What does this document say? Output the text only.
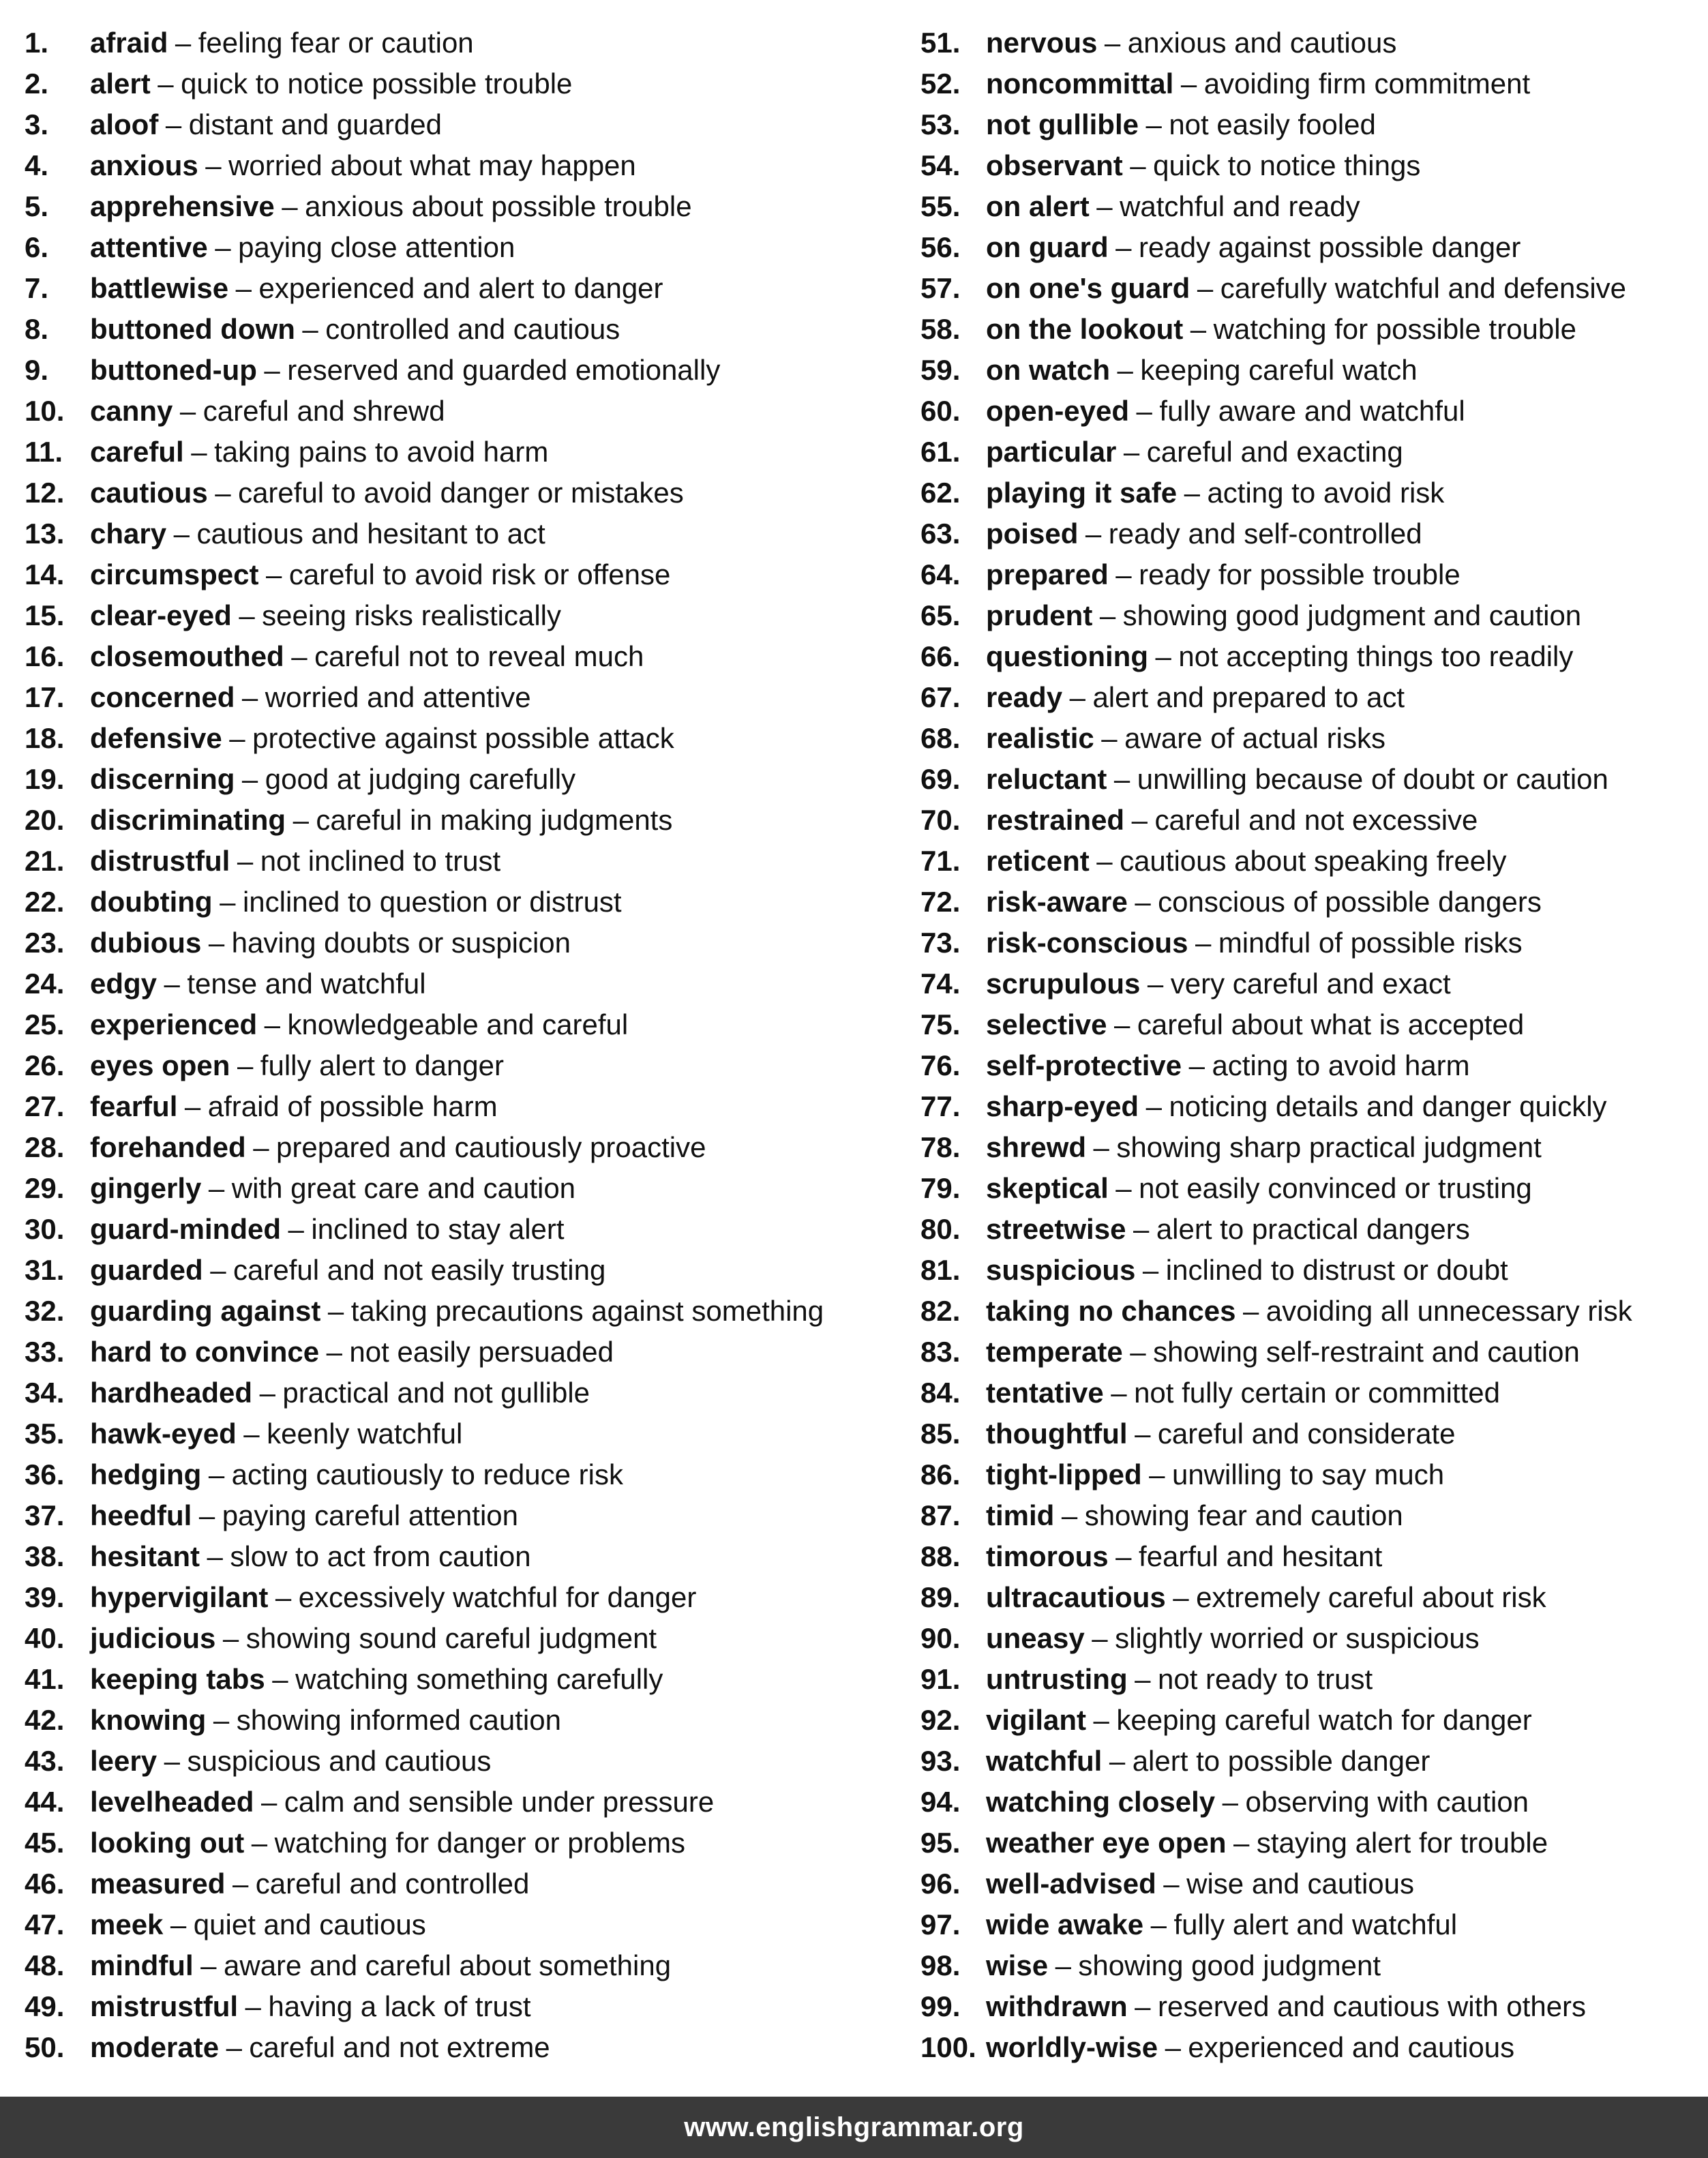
1.	afraid – feeling fear or caution
2.	alert – quick to notice possible trouble
3.	aloof – distant and guarded
4.	anxious – worried about what may happen
5.	apprehensive – anxious about possible trouble
6.	attentive – paying close attention
7.	battlewise – experienced and alert to danger
8.	buttoned down – controlled and cautious
9.	buttoned-up – reserved and guarded emotionally
10. canny – careful and shrewd
11. careful – taking pains to avoid harm
12. cautious – careful to avoid danger or mistakes
13. chary – cautious and hesitant to act
14. circumspect – careful to avoid risk or offense
15. clear-eyed – seeing risks realistically
16. closemouthed – careful not to reveal much
17. concerned – worried and attentive
18. defensive – protective against possible attack
19. discerning – good at judging carefully
20. discriminating – careful in making judgments
21. distrustful – not inclined to trust
22. doubting – inclined to question or distrust
23. dubious – having doubts or suspicion
24. edgy – tense and watchful
25. experienced – knowledgeable and careful
26. eyes open – fully alert to danger
27. fearful – afraid of possible harm
28. forehanded – prepared and cautiously proactive
29. gingerly – with great care and caution
30. guard-minded – inclined to stay alert
31. guarded – careful and not easily trusting
32. guarding against – taking precautions against something
33. hard to convince – not easily persuaded
34. hardheaded – practical and not gullible
35. hawk-eyed – keenly watchful
36. hedging – acting cautiously to reduce risk
37. heedful – paying careful attention
38. hesitant – slow to act from caution
39. hypervigilant – excessively watchful for danger
40. judicious – showing sound careful judgment
41. keeping tabs – watching something carefully
42. knowing – showing informed caution
43. leery – suspicious and cautious
44. levelheaded – calm and sensible under pressure
45. looking out – watching for danger or problems
46. measured – careful and controlled
47. meek – quiet and cautious
48. mindful – aware and careful about something
49. mistrustful – having a lack of trust
50. moderate – careful and not extreme
51. nervous – anxious and cautious
52. noncommittal – avoiding firm commitment
53. not gullible – not easily fooled
54. observant – quick to notice things
55. on alert – watchful and ready
56. on guard – ready against possible danger
57. on one's guard – carefully watchful and defensive
58. on the lookout – watching for possible trouble
59. on watch – keeping careful watch
60. open-eyed – fully aware and watchful
61. particular – careful and exacting
62. playing it safe – acting to avoid risk
63. poised – ready and self-controlled
64. prepared – ready for possible trouble
65. prudent – showing good judgment and caution
66. questioning – not accepting things too readily
67. ready – alert and prepared to act
68. realistic – aware of actual risks
69. reluctant – unwilling because of doubt or caution
70. restrained – careful and not excessive
71. reticent – cautious about speaking freely
72. risk-aware – conscious of possible dangers
73. risk-conscious – mindful of possible risks
74. scrupulous – very careful and exact
75. selective – careful about what is accepted
76. self-protective – acting to avoid harm
77. sharp-eyed – noticing details and danger quickly
78. shrewd – showing sharp practical judgment
79. skeptical – not easily convinced or trusting
80. streetwise – alert to practical dangers
81. suspicious – inclined to distrust or doubt
82. taking no chances – avoiding all unnecessary risk
83. temperate – showing self-restraint and caution
84. tentative – not fully certain or committed
85. thoughtful – careful and considerate
86. tight-lipped – unwilling to say much
87. timid – showing fear and caution
88. timorous – fearful and hesitant
89. ultracautious – extremely careful about risk
90. uneasy – slightly worried or suspicious
91. untrusting – not ready to trust
92. vigilant – keeping careful watch for danger
93. watchful – alert to possible danger
94. watching closely – observing with caution
95. weather eye open – staying alert for trouble
96. well-advised – wise and cautious
97. wide awake – fully alert and watchful
98. wise – showing good judgment
99. withdrawn – reserved and cautious with others
100. worldly-wise – experienced and cautious
www.englishgrammar.org
